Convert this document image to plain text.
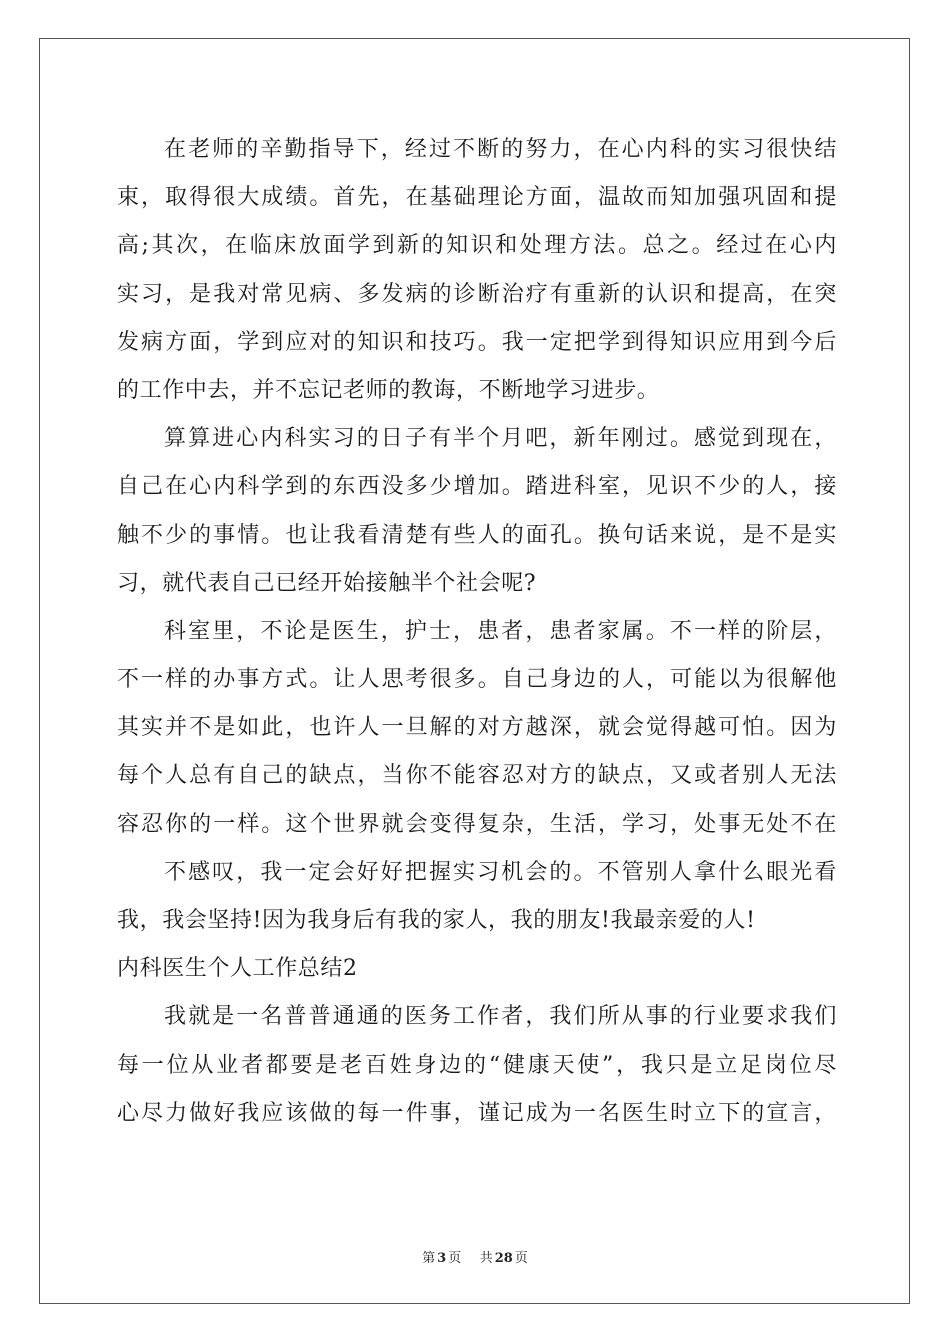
在老师的辛勤指导下，经过不断的努力，在心内科的实习很快结
束，取得很大成绩。首先，在基础理论方面，温故而知加强巩固和提
高;其次，在临床放面学到新的知识和处理方法。总之。经过在心内
实习，是我对常见病、多发病的诊断治疗有重新的认识和提高，在突
发病方面，学到应对的知识和技巧。我一定把学到得知识应用到今后
的工作中去，并不忘记老师的教诲，不断地学习进步。
算算进心内科实习的日子有半个月吧，新年刚过。感觉到现在，
自己在心内科学到的东西没多少增加。踏进科室，见识不少的人，接
触不少的事情。也让我看清楚有些人的面孔。换句话来说，是不是实
习，就代表自己已经开始接触半个社会呢?
科室里，不论是医生，护士，患者，患者家属。不一样的阶层，
不一样的办事方式。让人思考很多。自己身边的人，可能以为很解他
其实并不是如此，也许人一旦解的对方越深，就会觉得越可怕。因为
每个人总有自己的缺点，当你不能容忍对方的缺点，又或者别人无法
容忍你的一样。这个世界就会变得复杂，生活，学习，处事无处不在
不感叹，我一定会好好把握实习机会的。不管别人拿什么眼光看
我，我会坚持!因为我身后有我的家人，我的朋友!我最亲爱的人!
内科医生个人工作总结2
我就是一名普普通通的医务工作者，我们所从事的行业要求我们
每一位从业者都要是老百姓身边的“健康天使”，我只是立足岗位尽
心尽力做好我应该做的每一件事，谨记成为一名医生时立下的宣言，
第 3 页 共 28 页
